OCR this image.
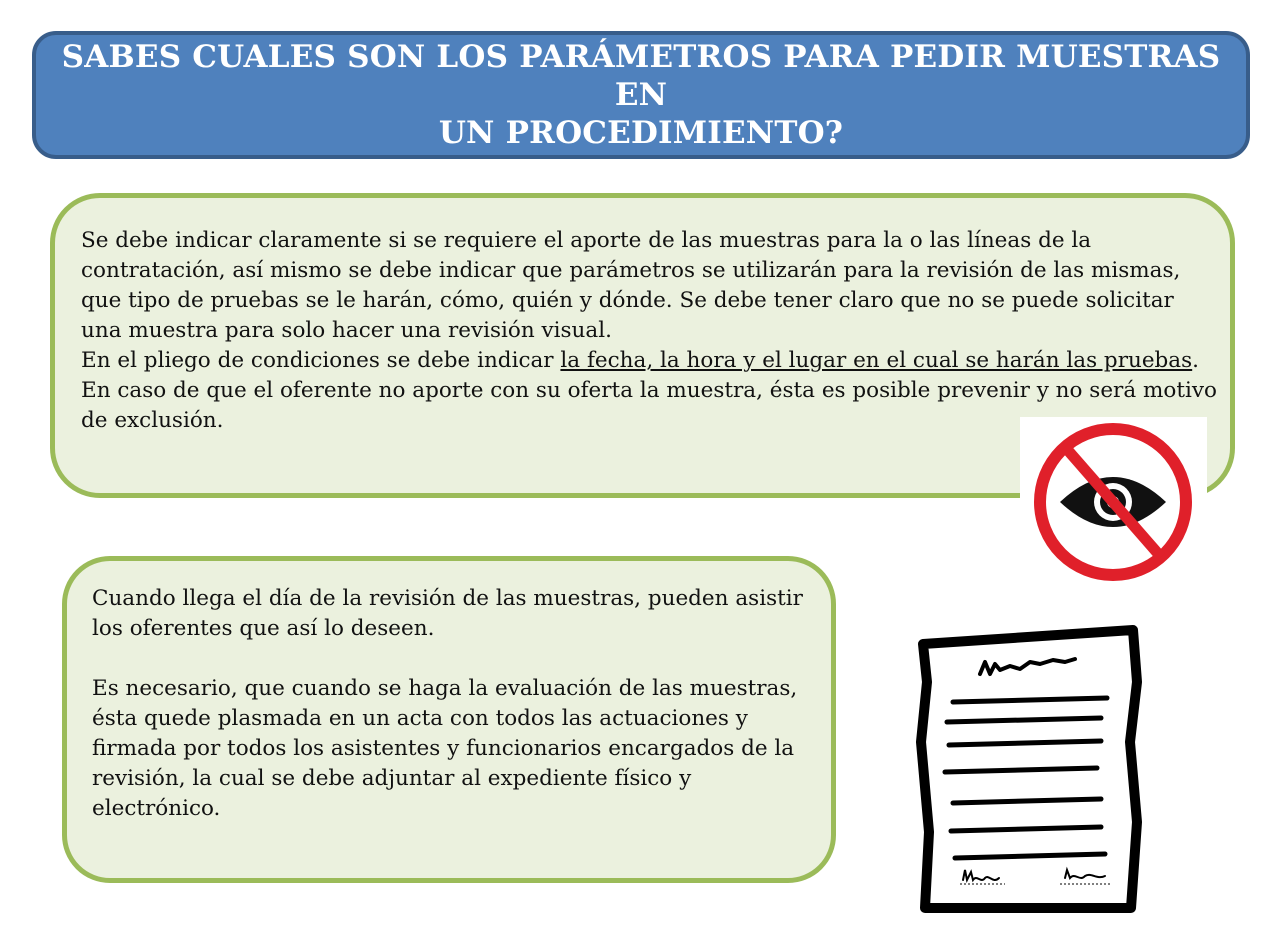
SABES CUALES SON LOS PARÁMETROS PARA PEDIR MUESTRAS EN
UN PROCEDIMIENTO?

Se debe indicar claramente si se requiere el aporte de las muestras para la o las líneas de la contratación, así mismo se debe indicar que parámetros se utilizarán para la revisión de las mismas, que tipo de pruebas se le harán, cómo, quién y dónde. Se debe tener claro que no se puede solicitar una muestra para solo hacer una revisión visual.

En el pliego de condiciones se debe indicar la fecha, la hora y el lugar en el cual se harán las pruebas.

En caso de que el oferente no aporte con su oferta la muestra, ésta es posible prevenir y no será motivo de exclusión.

Cuando llega el día de la revisión de las muestras, pueden asistir los oferentes que así lo deseen.

Es necesario, que cuando se haga la evaluación de las muestras, ésta quede plasmada en un acta con todos las actuaciones y firmada por todos los asistentes y funcionarios encargados de la revisión, la cual se debe adjuntar al expediente físico y electrónico.
